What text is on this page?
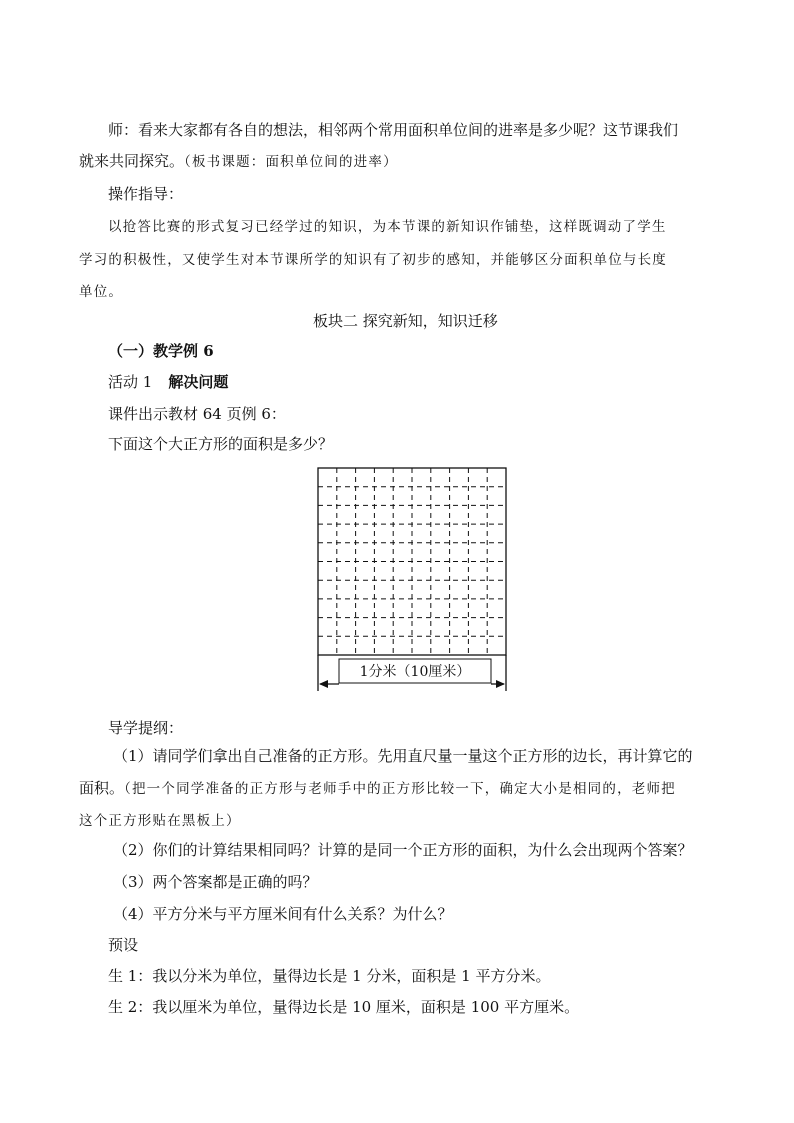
师：看来大家都有各自的想法，相邻两个常用面积单位间的进率是多少呢？这节课我们
就来共同探究。（板书课题：面积单位间的进率）
操作指导：
以抢答比赛的形式复习已经学过的知识，为本节课的新知识作铺垫，这样既调动了学生
学习的积极性，又使学生对本节课所学的知识有了初步的感知，并能够区分面积单位与长度
单位。
板块二 探究新知，知识迁移
（一）教学例 6
活动 1 解决问题
课件出示教材 64 页例 6：
下面这个大正方形的面积是多少？
1分米（10厘米）
导学提纲：
（1）请同学们拿出自己准备的正方形。先用直尺量一量这个正方形的边长，再计算它的
面积。（把一个同学准备的正方形与老师手中的正方形比较一下，确定大小是相同的，老师把
这个正方形贴在黑板上）
（2）你们的计算结果相同吗？计算的是同一个正方形的面积，为什么会出现两个答案？
（3）两个答案都是正确的吗？
（4）平方分米与平方厘米间有什么关系？为什么？
预设
生 1：我以分米为单位，量得边长是 1 分米，面积是 1 平方分米。
生 2：我以厘米为单位，量得边长是 10 厘米，面积是 100 平方厘米。
